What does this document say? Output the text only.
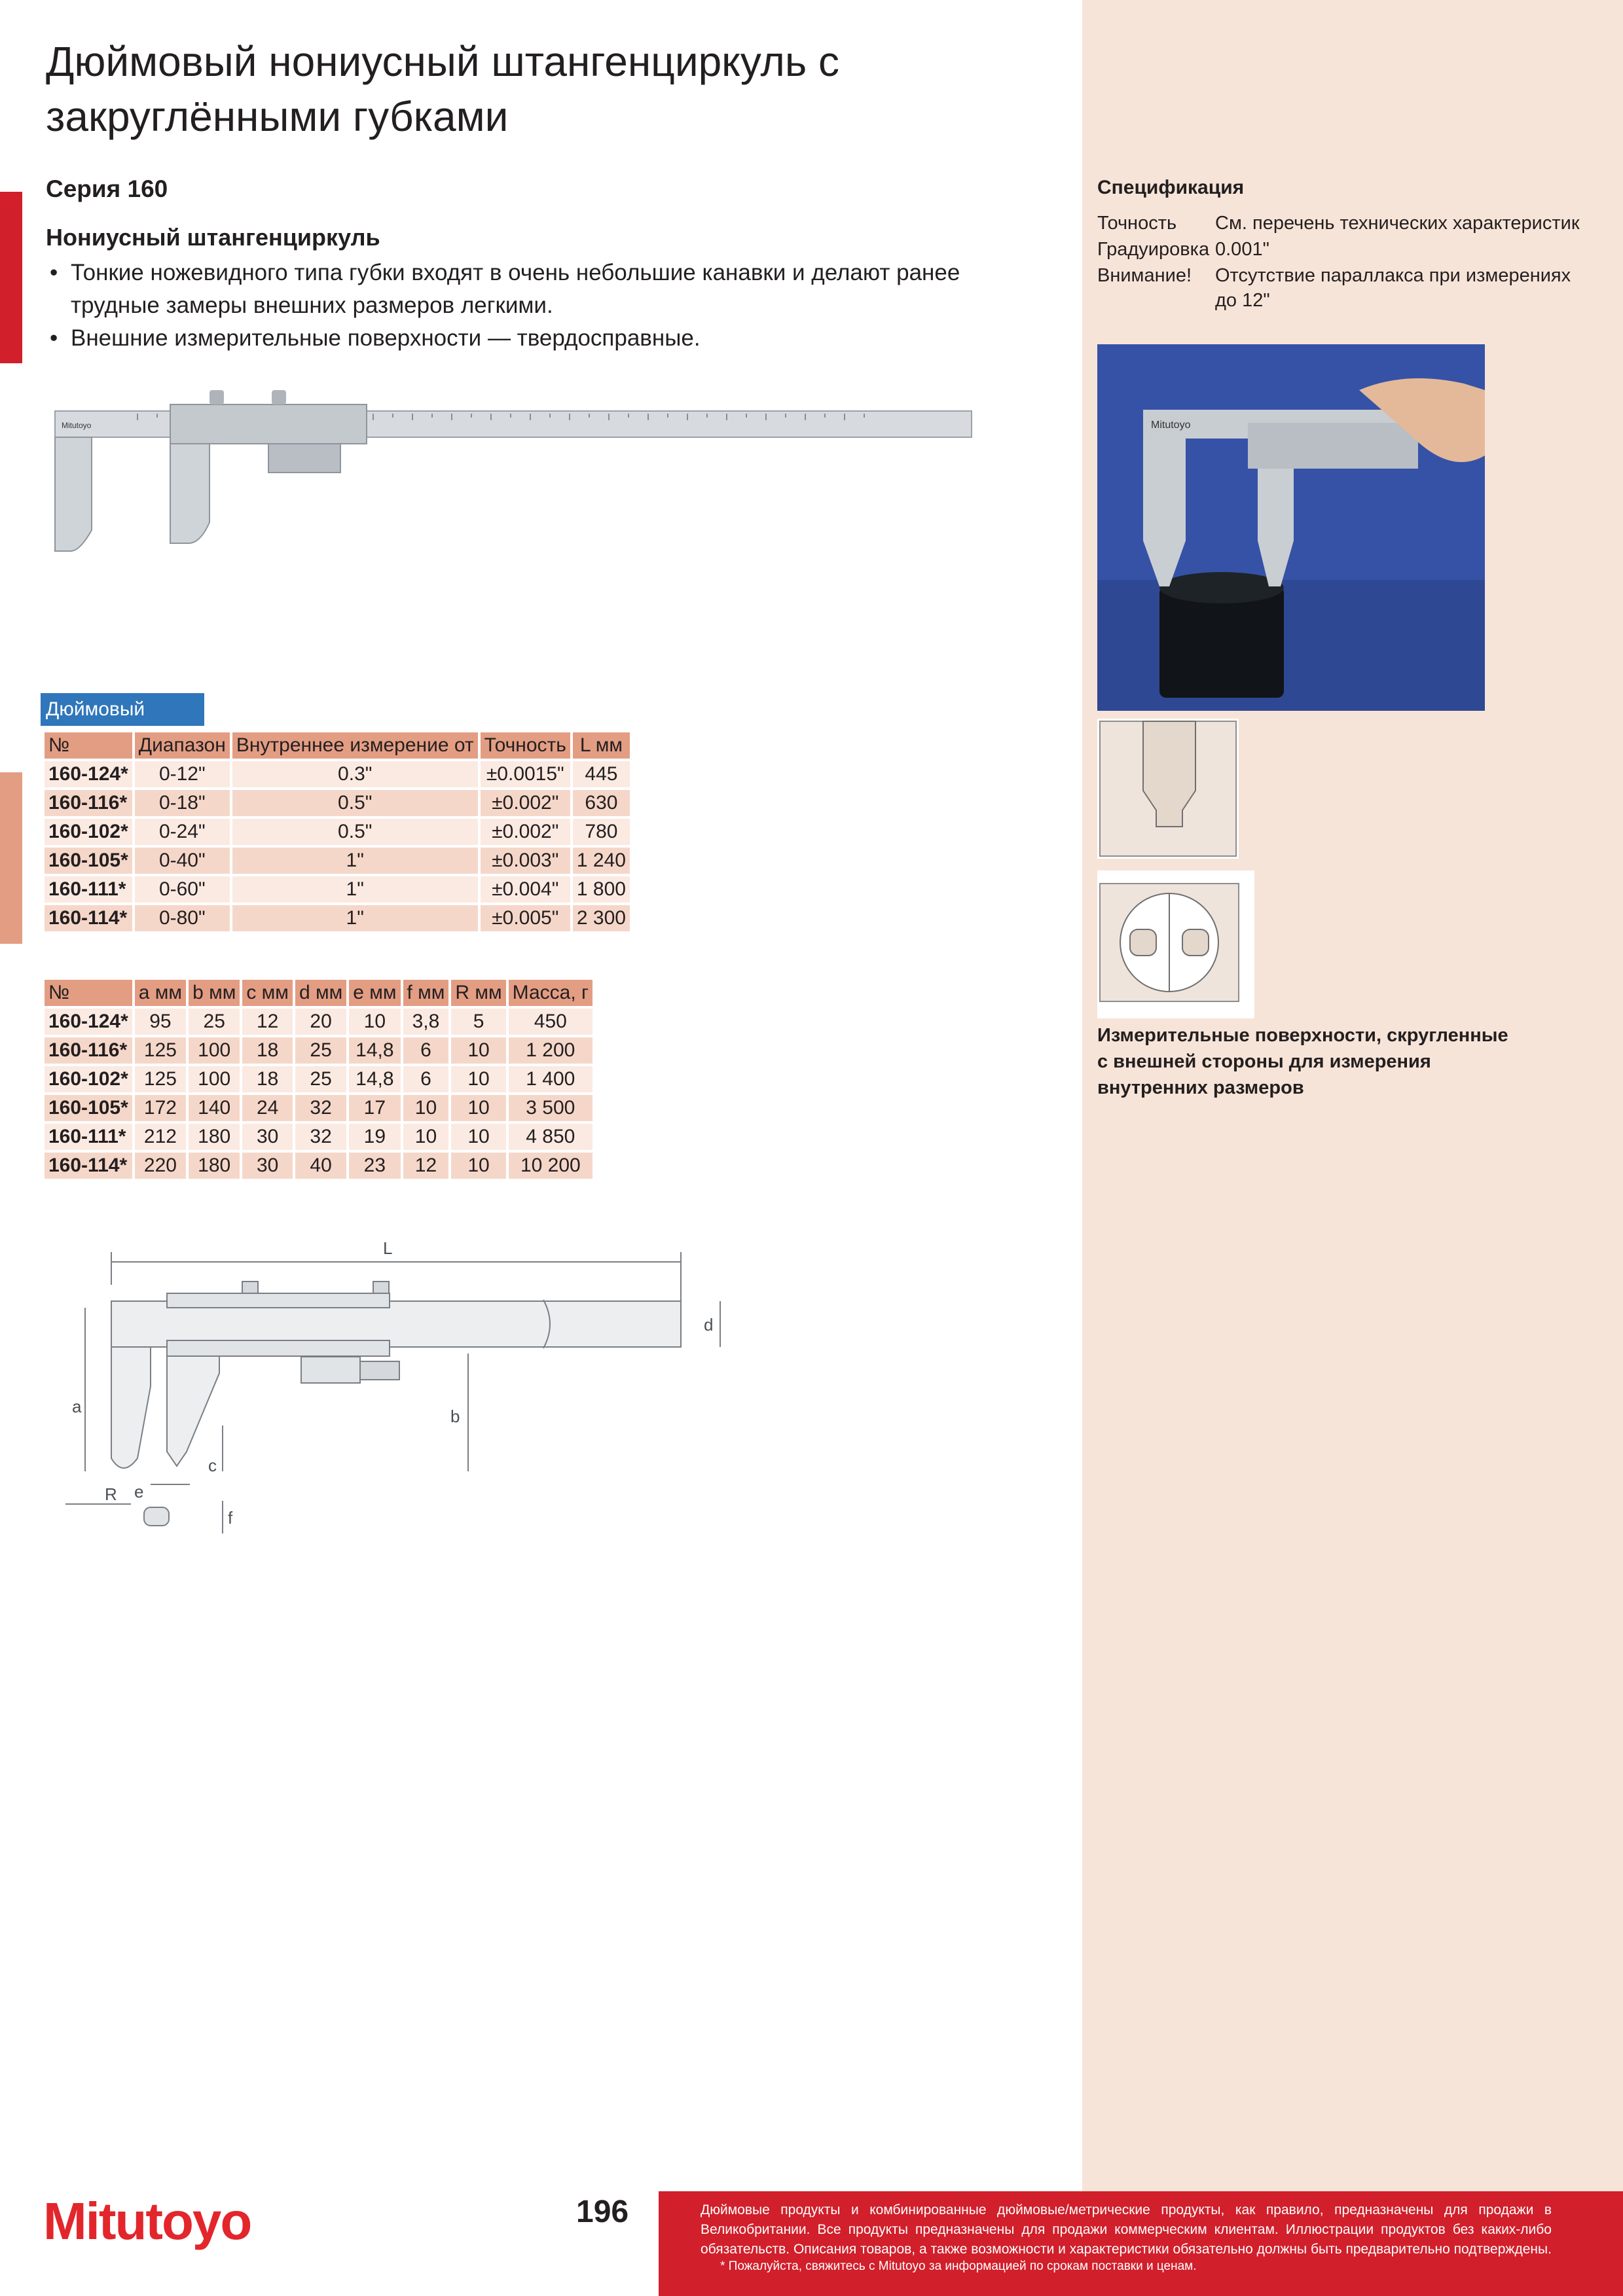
Дюймовый нониусный штангенциркуль с закруглёнными губками
Серия 160
Нониусный штангенциркуль
• Тонкие ножевидного типа губки входят в очень небольшие канавки и делают ранее трудные замеры внешних размеров легкими.
• Внешние измерительные поверхности — твердосправные.
Mitutoyo
Дюймовый
№	Диапазон	Внутреннее измерение от	Точность	L мм
160-124*	0-12"	0.3"	±0.0015"	445
160-116*	0-18"	0.5"	±0.002"	630
160-102*	0-24"	0.5"	±0.002"	780
160-105*	0-40"	1"	±0.003"	1 240
160-111*	0-60"	1"	±0.004"	1 800
160-114*	0-80"	1"	±0.005"	2 300
№	a мм	b мм	c мм	d мм	e мм	f мм	R мм	Масса, г
160-124*	95	25	12	20	10	3,8	5	450
160-116*	125	100	18	25	14,8	6	10	1 200
160-102*	125	100	18	25	14,8	6	10	1 400
160-105*	172	140	24	32	17	10	10	3 500
160-111*	212	180	30	32	19	10	10	4 850
160-114*	220	180	30	40	23	12	10	10 200
L
a	b
c
d
e
f
R
Спецификация
Точность	См. перечень технических характеристик
Градуировка 0.001"
Внимание!	Отсутствие параллакса при измерениях до 12"
Mitutoyo
Измерительные поверхности, скругленные с внешней стороны для измерения внутренних размеров
Mitutoyo	196	Дюймовые продукты и комбинированные дюймовые/метрические продукты, как правило, предназначены для продажи в Великобритании. Все продукты предназначены для продажи коммерческим клиентам. Иллюстрации продуктов без каких-либо обязательств. Описания товаров, а также возможности и характеристики обязательно должны быть предварительно подтверждены.
* Пожалуйста, свяжитесь с Mitutoyo за информацией по срокам поставки и ценам.
